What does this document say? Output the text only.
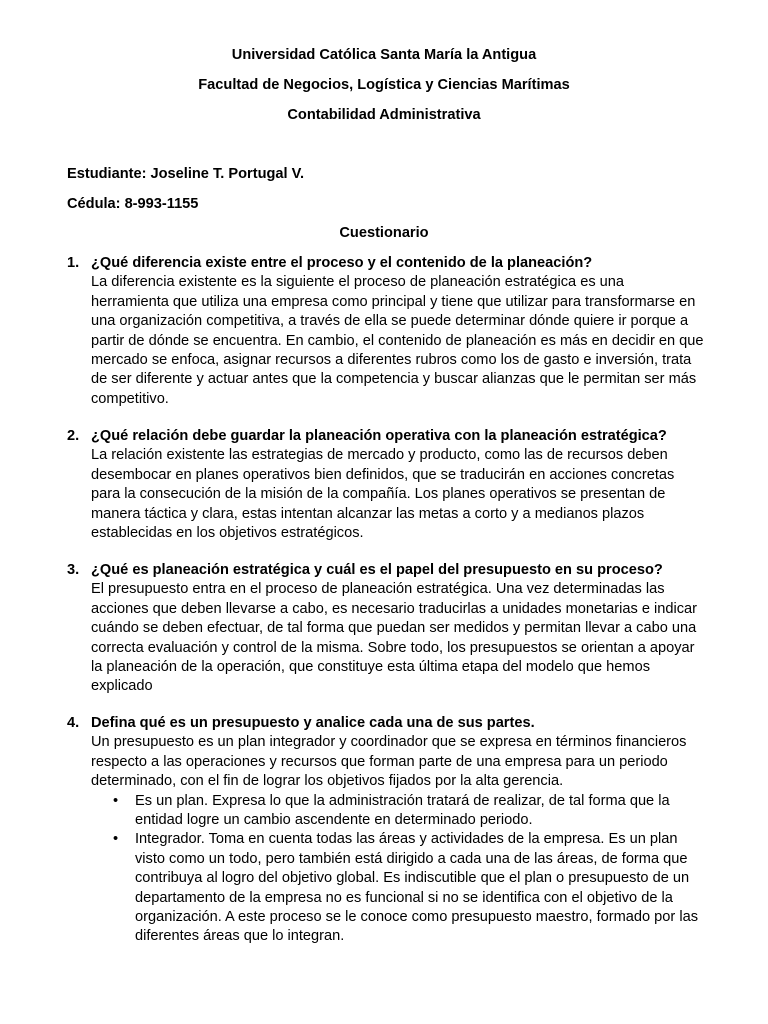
Universidad Católica Santa María la Antigua
Facultad de Negocios, Logística y Ciencias Marítimas
Contabilidad Administrativa
Estudiante: Joseline T. Portugal V.
Cédula: 8-993-1155
Cuestionario
1. ¿Qué diferencia existe entre el proceso y el contenido de la planeación?
La diferencia existente es la siguiente el proceso de planeación estratégica es una
herramienta que utiliza una empresa como principal y tiene que utilizar para transformarse en
una organización competitiva, a través de ella se puede determinar dónde quiere ir porque a
partir de dónde se encuentra. En cambio, el contenido de planeación es más en decidir en que
mercado se enfoca, asignar recursos a diferentes rubros como los de gasto e inversión, trata
de ser diferente y actuar antes que la competencia y buscar alianzas que le permitan ser más
competitivo.
2. ¿Qué relación debe guardar la planeación operativa con la planeación estratégica?
La relación existente las estrategias de mercado y producto, como las de recursos deben
desembocar en planes operativos bien definidos, que se traducirán en acciones concretas
para la consecución de la misión de la compañía. Los planes operativos se presentan de
manera táctica y clara, estas intentan alcanzar las metas a corto y a medianos plazos
establecidas en los objetivos estratégicos.
3. ¿Qué es planeación estratégica y cuál es el papel del presupuesto en su proceso?
El presupuesto entra en el proceso de planeación estratégica. Una vez determinadas las
acciones que deben llevarse a cabo, es necesario traducirlas a unidades monetarias e indicar
cuándo se deben efectuar, de tal forma que puedan ser medidos y permitan llevar a cabo una
correcta evaluación y control de la misma. Sobre todo, los presupuestos se orientan a apoyar
la planeación de la operación, que constituye esta última etapa del modelo que hemos
explicado
4. Defina qué es un presupuesto y analice cada una de sus partes.
Un presupuesto es un plan integrador y coordinador que se expresa en términos financieros
respecto a las operaciones y recursos que forman parte de una empresa para un periodo
determinado, con el fin de lograr los objetivos fijados por la alta gerencia.
• Es un plan. Expresa lo que la administración tratará de realizar, de tal forma que la
entidad logre un cambio ascendente en determinado periodo.
• Integrador. Toma en cuenta todas las áreas y actividades de la empresa. Es un plan
visto como un todo, pero también está dirigido a cada una de las áreas, de forma que
contribuya al logro del objetivo global. Es indiscutible que el plan o presupuesto de un
departamento de la empresa no es funcional si no se identifica con el objetivo de la
organización. A este proceso se le conoce como presupuesto maestro, formado por las
diferentes áreas que lo integran.
